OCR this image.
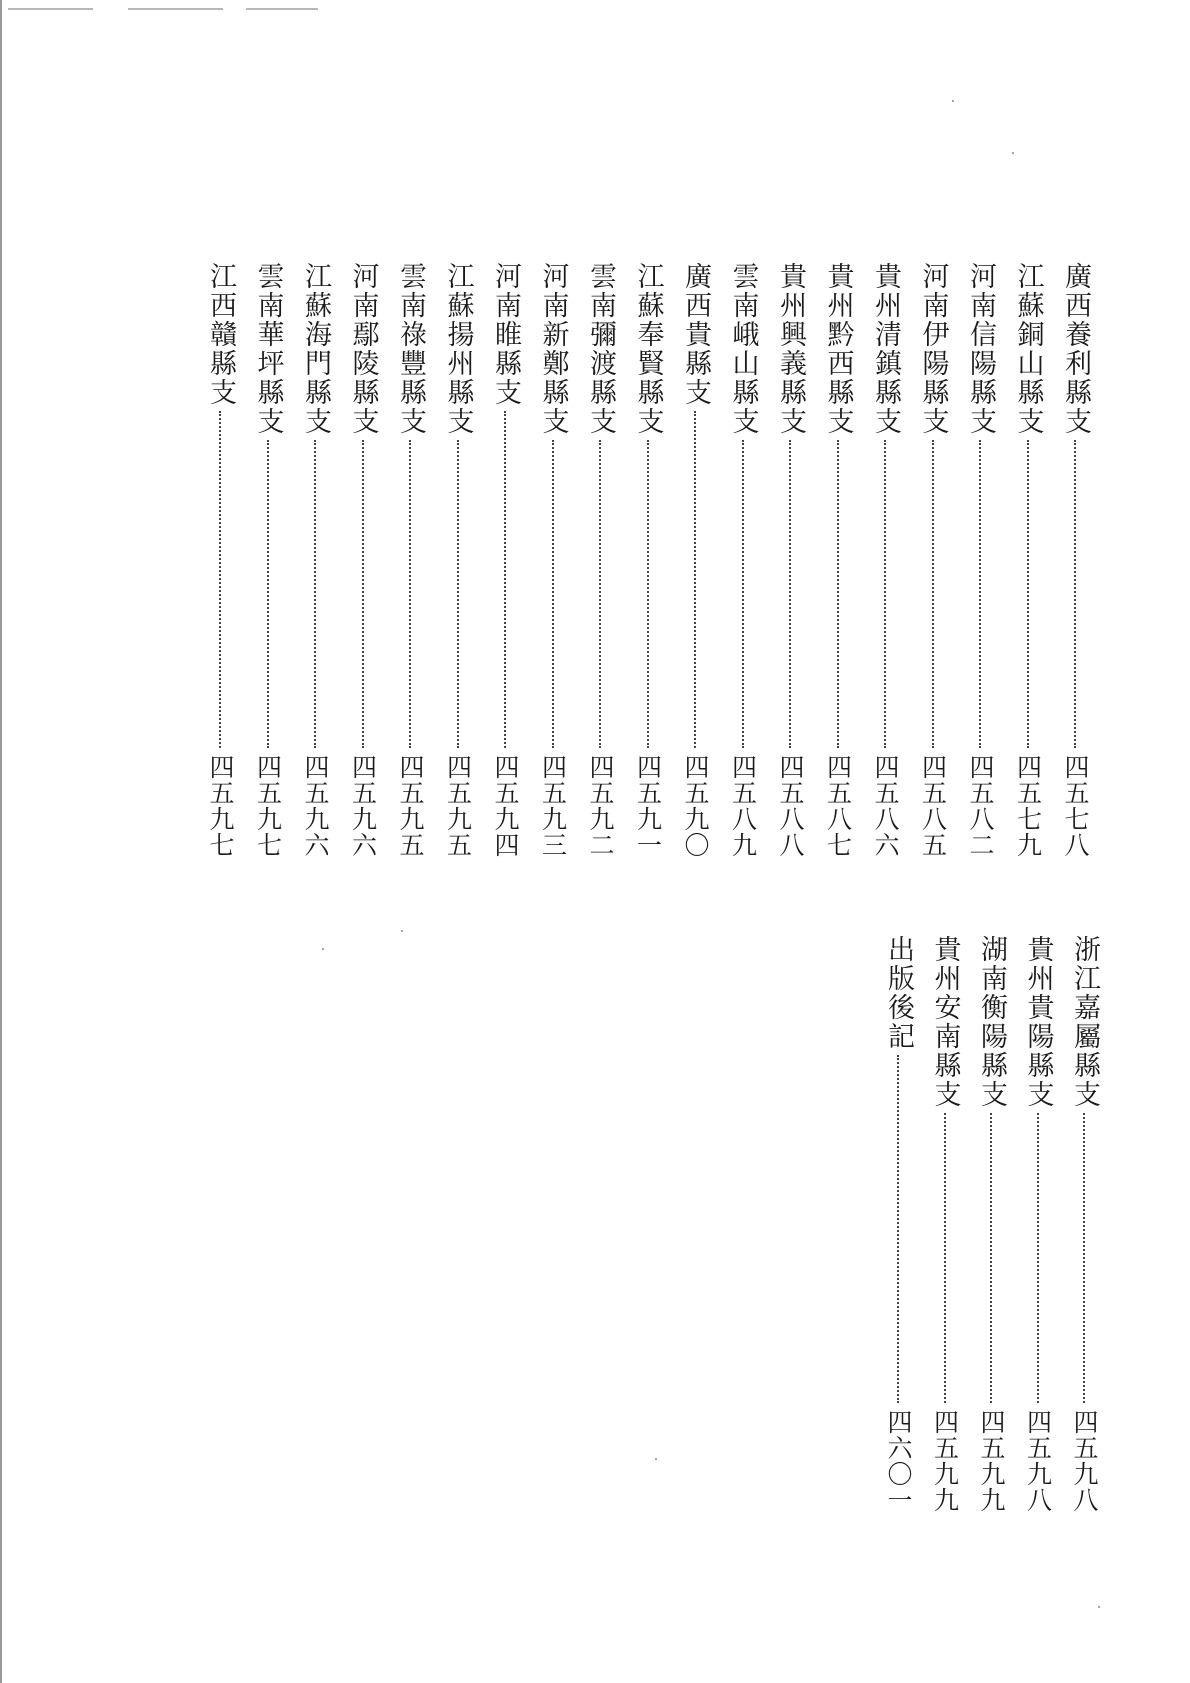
廣西養利縣支
四五七八
江蘇銅山縣支
四五七九
河南信陽縣支
四五八二
河南伊陽縣支
四五八五
貴州清鎮縣支
四五八六
貴州黔西縣支
四五八七
貴州興義縣支
四五八八
雲南峨山縣支
四五八九
廣西貴縣支
四五九〇
江蘇奉賢縣支
四五九一
雲南彌渡縣支
四五九二
河南新鄭縣支
四五九三
河南睢縣支
四五九四
江蘇揚州縣支
四五九五
雲南祿豐縣支
四五九五
河南鄢陵縣支
四五九六
江蘇海門縣支
四五九六
雲南華坪縣支
四五九七
江西贛縣支
四五九七
浙江嘉屬縣支
四五九八
貴州貴陽縣支
四五九八
湖南衡陽縣支
四五九九
貴州安南縣支
四五九九
出版後記
四六〇一
